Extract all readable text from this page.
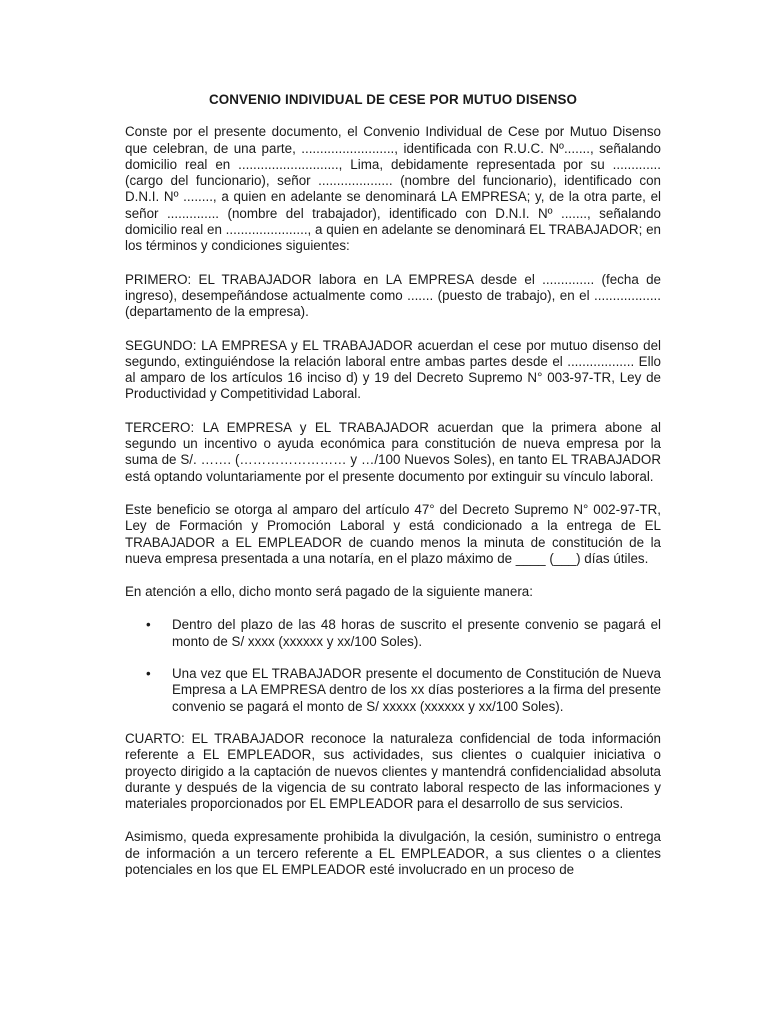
CONVENIO INDIVIDUAL DE CESE POR MUTUO DISENSO

Conste por el presente documento, el Convenio Individual de Cese por Mutuo Disenso que celebran, de una parte, ........................., identificada con R.U.C. Nº......., señalando domicilio real en ..........................., Lima, debidamente representada por su ............. (cargo del funcionario), señor .................... (nombre del funcionario), identificado con D.N.I. Nº ........, a quien en adelante se denominará LA EMPRESA; y, de la otra parte, el señor .............. (nombre del trabajador), identificado con D.N.I. Nº ......., señalando domicilio real en ......................, a quien en adelante se denominará EL TRABAJADOR; en los términos y condiciones siguientes:

PRIMERO: EL TRABAJADOR labora en LA EMPRESA desde el .............. (fecha de ingreso), desempeñándose actualmente como ....... (puesto de trabajo), en el .................. (departamento de la empresa).

SEGUNDO: LA EMPRESA y EL TRABAJADOR acuerdan el cese por mutuo disenso del segundo, extinguiéndose la relación laboral entre ambas partes desde el .................. Ello al amparo de los artículos 16 inciso d) y 19 del Decreto Supremo N° 003-97-TR, Ley de Productividad y Competitividad Laboral.

TERCERO: LA EMPRESA y EL TRABAJADOR acuerdan que la primera abone al segundo un incentivo o ayuda económica para constitución de nueva empresa por la suma de S/. ……. (…………………… y …/100 Nuevos Soles), en tanto EL TRABAJADOR está optando voluntariamente por el presente documento por extinguir su vínculo laboral.

Este beneficio se otorga al amparo del artículo 47° del Decreto Supremo N° 002-97-TR, Ley de Formación y Promoción Laboral y está condicionado a la entrega de EL TRABAJADOR a EL EMPLEADOR de cuando menos la minuta de constitución de la nueva empresa presentada a una notaría, en el plazo máximo de ____ (___) días útiles.

En atención a ello, dicho monto será pagado de la siguiente manera:

• Dentro del plazo de las 48 horas de suscrito el presente convenio se pagará el monto de S/ xxxx (xxxxxx y xx/100 Soles).
• Una vez que EL TRABAJADOR presente el documento de Constitución de Nueva Empresa a LA EMPRESA dentro de los xx días posteriores a la firma del presente convenio se pagará el monto de S/ xxxxx (xxxxxx y xx/100 Soles).

CUARTO: EL TRABAJADOR reconoce la naturaleza confidencial de toda información referente a EL EMPLEADOR, sus actividades, sus clientes o cualquier iniciativa o proyecto dirigido a la captación de nuevos clientes y mantendrá confidencialidad absoluta durante y después de la vigencia de su contrato laboral respecto de las informaciones y materiales proporcionados por EL EMPLEADOR para el desarrollo de sus servicios.

Asimismo, queda expresamente prohibida la divulgación, la cesión, suministro o entrega de información a un tercero referente a EL EMPLEADOR, a sus clientes o a clientes potenciales en los que EL EMPLEADOR esté involucrado en un proceso de
